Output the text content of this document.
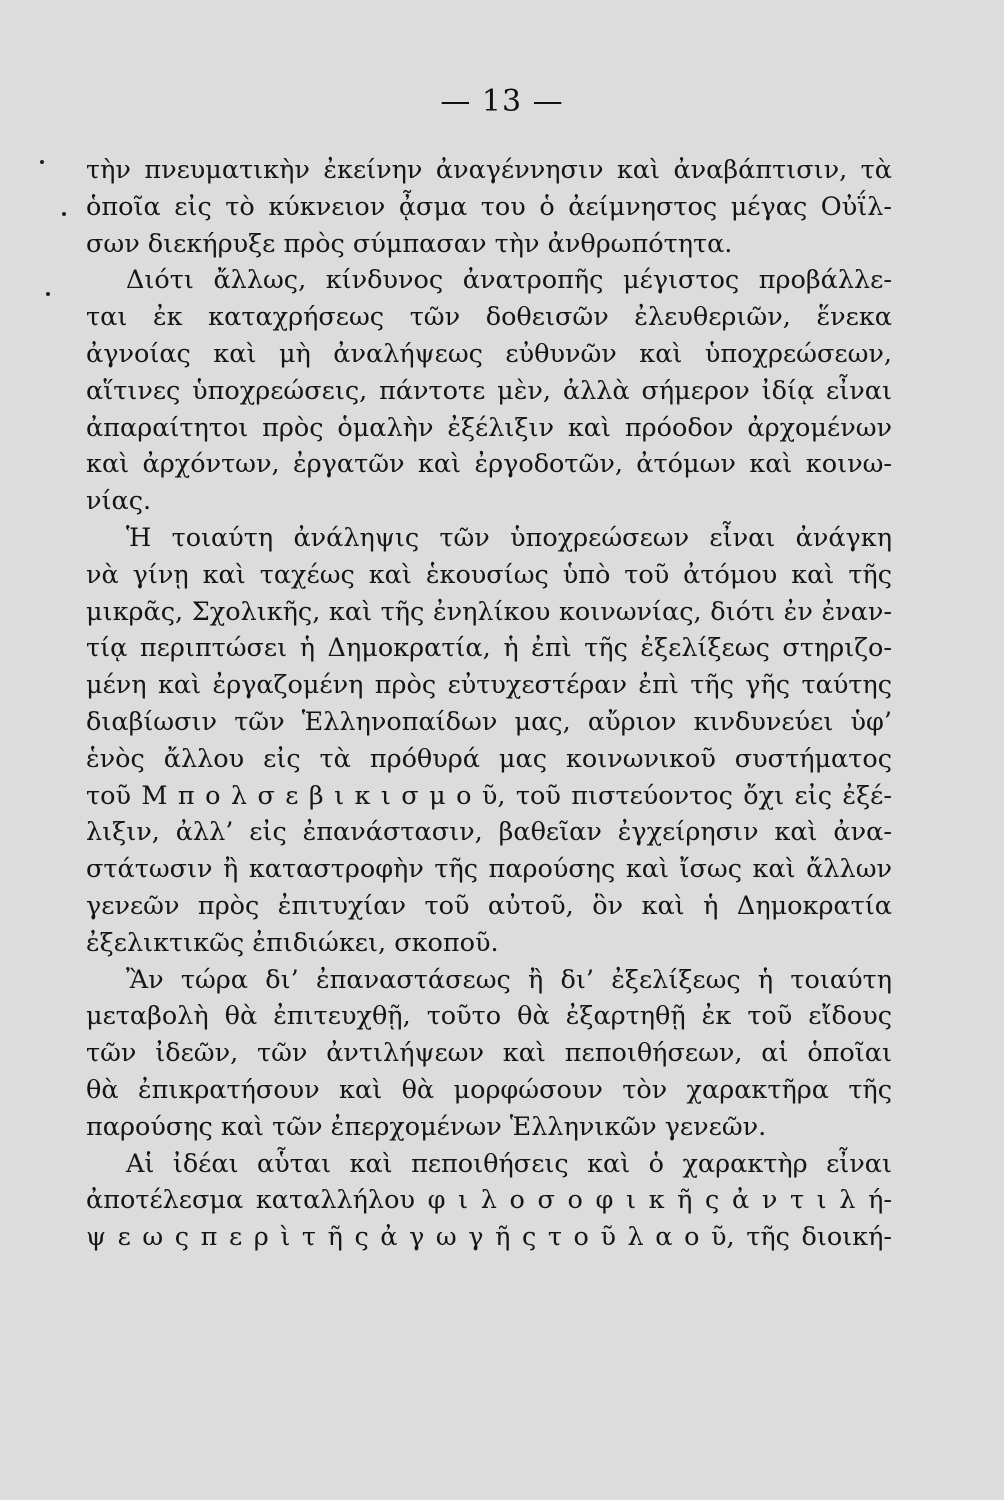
— 13 —
τὴν πνευματικὴν ἐκείνην ἀναγέννησιν καὶ ἀναβάπτισιν, τὰ
ὁποῖα εἰς τὸ κύκνειον ᾆσμα του ὁ ἀείμνηστος μέγας Οὐΐλ-
σων διεκήρυξε πρὸς σύμπασαν τὴν ἀνθρωπότητα.
Διότι ἄλλως, κίνδυνος ἀνατροπῆς μέγιστος προβάλλε-
ται ἐκ καταχρήσεως τῶν δοθεισῶν ἐλευθεριῶν, ἕνεκα
ἀγνοίας καὶ μὴ ἀναλήψεως εὐθυνῶν καὶ ὑποχρεώσεων,
αἵτινες ὑποχρεώσεις, πάντοτε μὲν, ἀλλὰ σήμερον ἰδίᾳ εἶναι
ἀπαραίτητοι πρὸς ὁμαλὴν ἐξέλιξιν καὶ πρόοδον ἀρχομένων
καὶ ἀρχόντων, ἐργατῶν καὶ ἐργοδοτῶν, ἀτόμων καὶ κοινω-
νίας.
Ἡ τοιαύτη ἀνάληψις τῶν ὑποχρεώσεων εἶναι ἀνάγκη
νὰ γίνῃ καὶ ταχέως καὶ ἑκουσίως ὑπὸ τοῦ ἀτόμου καὶ τῆς
μικρᾶς, Σχολικῆς, καὶ τῆς ἐνηλίκου κοινωνίας, διότι ἐν ἐναν-
τίᾳ περιπτώσει ἡ Δημοκρατία, ἡ ἐπὶ τῆς ἐξελίξεως στηριζο-
μένη καὶ ἐργαζομένη πρὸς εὐτυχεστέραν ἐπὶ τῆς γῆς ταύτης
διαβίωσιν τῶν Ἑλληνοπαίδων μας, αὔριον κινδυνεύει ὑφ’
ἑνὸς ἄλλου εἰς τὰ πρόθυρά μας κοινωνικοῦ συστήματος
τοῦ Μ π ο λ σ ε β ι κ ι σ μ ο ῦ, τοῦ πιστεύοντος ὄχι εἰς ἐξέ-
λιξιν, ἀλλ’ εἰς ἐπανάστασιν, βαθεῖαν ἐγχείρησιν καὶ ἀνα-
στάτωσιν ἢ καταστροφὴν τῆς παρούσης καὶ ἴσως καὶ ἄλλων
γενεῶν πρὸς ἐπιτυχίαν τοῦ αὐτοῦ, ὃν καὶ ἡ Δημοκρατία
ἐξελικτικῶς ἐπιδιώκει, σκοποῦ.
Ἂν τώρα δι’ ἐπαναστάσεως ἢ δι’ ἐξελίξεως ἡ τοιαύτη
μεταβολὴ θὰ ἐπιτευχθῇ, τοῦτο θὰ ἐξαρτηθῇ ἐκ τοῦ εἴδους
τῶν ἰδεῶν, τῶν ἀντιλήψεων καὶ πεποιθήσεων, αἱ ὁποῖαι
θὰ ἐπικρατήσουν καὶ θὰ μορφώσουν τὸν χαρακτῆρα τῆς
παρούσης καὶ τῶν ἐπερχομένων Ἑλληνικῶν γενεῶν.
Αἱ ἰδέαι αὗται καὶ πεποιθήσεις καὶ ὁ χαρακτὴρ εἶναι
ἀποτέλεσμα καταλλήλου φ ι λ ο σ ο φ ι κ ῆ ς ἀ ν τ ι λ ή-
ψ ε ω ς π ε ρ ὶ τ ῆ ς ἀ γ ω γ ῆ ς τ ο ῦ λ α ο ῦ, τῆς διοική-
